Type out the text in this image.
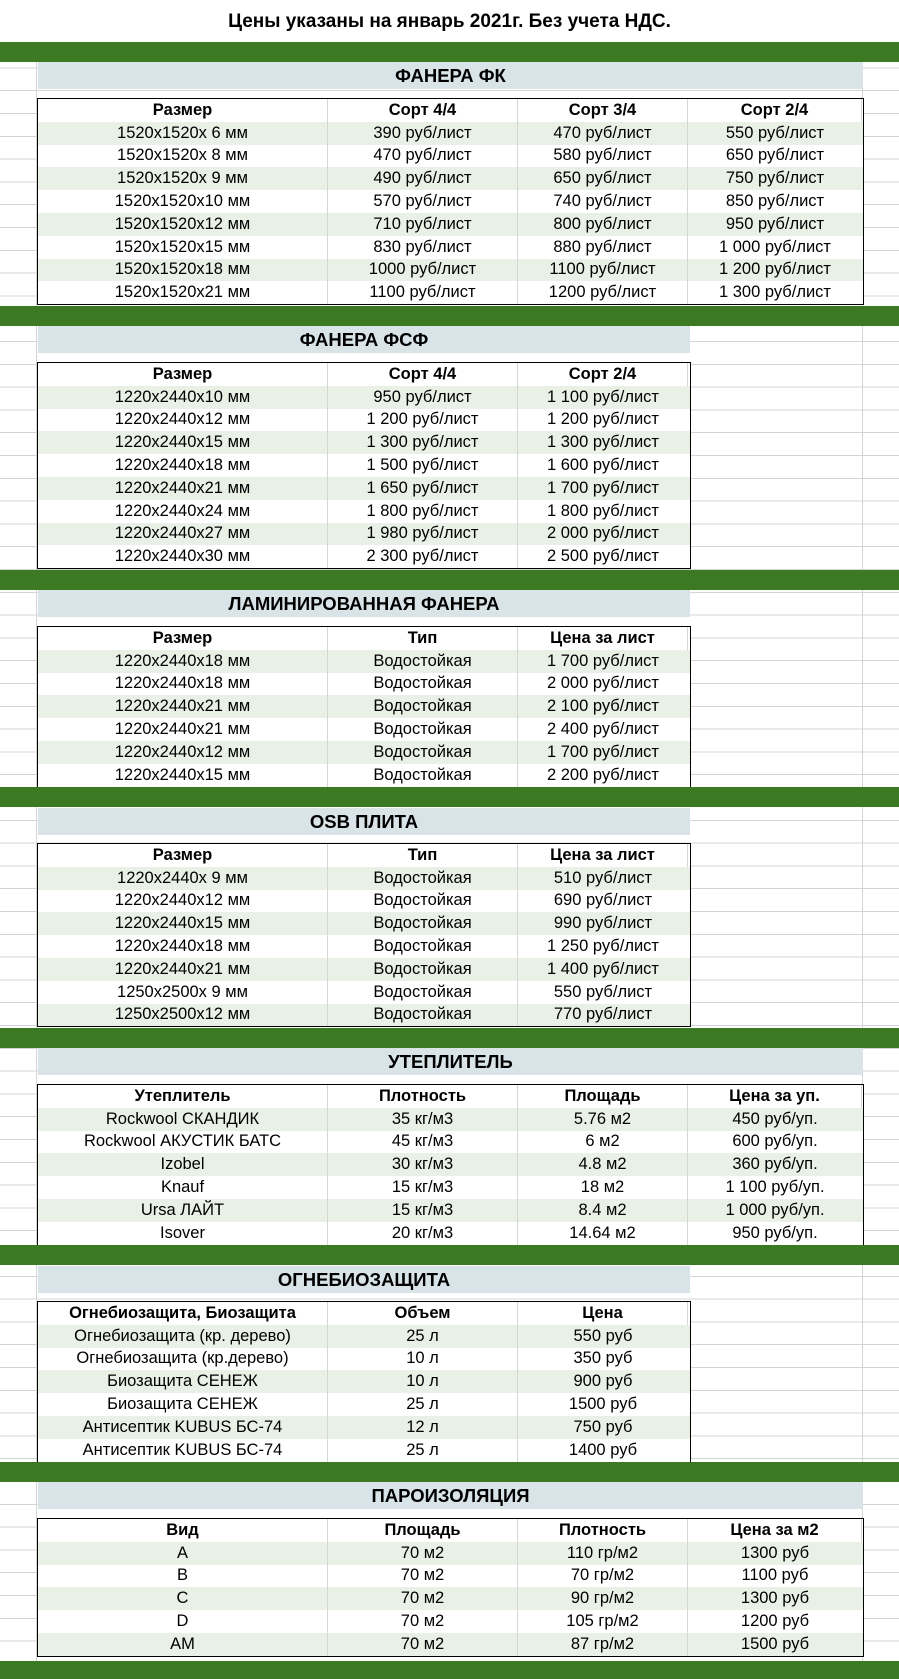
Цены указаны на январь 2021г. Без учета НДС.
ФАНЕРА ФК
Размер	Сорт 4/4	Сорт 3/4	Сорт 2/4
1520x1520x 6 мм	390 руб/лист	470 руб/лист	550 руб/лист
1520x1520x 8 мм	470 руб/лист	580 руб/лист	650 руб/лист
1520x1520x 9 мм	490 руб/лист	650 руб/лист	750 руб/лист
1520x1520x10 мм	570 руб/лист	740 руб/лист	850 руб/лист
1520x1520x12 мм	710 руб/лист	800 руб/лист	950 руб/лист
1520x1520x15 мм	830 руб/лист	880 руб/лист	1 000 руб/лист
1520x1520x18 мм	1000 руб/лист	1100 руб/лист	1 200 руб/лист
1520x1520x21 мм	1100 руб/лист	1200 руб/лист	1 300 руб/лист
ФАНЕРА ФСФ
Размер	Сорт 4/4	Сорт 2/4
1220x2440x10 мм	950 руб/лист	1 100 руб/лист
1220x2440x12 мм	1 200 руб/лист	1 200 руб/лист
1220x2440x15 мм	1 300 руб/лист	1 300 руб/лист
1220x2440x18 мм	1 500 руб/лист	1 600 руб/лист
1220x2440x21 мм	1 650 руб/лист	1 700 руб/лист
1220x2440x24 мм	1 800 руб/лист	1 800 руб/лист
1220x2440x27 мм	1 980 руб/лист	2 000 руб/лист
1220x2440x30 мм	2 300 руб/лист	2 500 руб/лист
ЛАМИНИРОВАННАЯ ФАНЕРА
Размер	Тип	Цена за лист
1220x2440x18 мм	Водостойкая	1 700 руб/лист
1220x2440x18 мм	Водостойкая	2 000 руб/лист
1220x2440x21 мм	Водостойкая	2 100 руб/лист
1220x2440x21 мм	Водостойкая	2 400 руб/лист
1220x2440x12 мм	Водостойкая	1 700 руб/лист
1220x2440x15 мм	Водостойкая	2 200 руб/лист
OSB ПЛИТА
Размер	Тип	Цена за лист
1220x2440x 9 мм	Водостойкая	510 руб/лист
1220x2440x12 мм	Водостойкая	690 руб/лист
1220x2440x15 мм	Водостойкая	990 руб/лист
1220x2440x18 мм	Водостойкая	1 250 руб/лист
1220x2440x21 мм	Водостойкая	1 400 руб/лист
1250x2500x 9 мм	Водостойкая	550 руб/лист
1250x2500x12 мм	Водостойкая	770 руб/лист
УТЕПЛИТЕЛЬ
Утеплитель	Плотность	Площадь	Цена за уп.
Rockwool СКАНДИК	35 кг/м3	5.76 м2	450 руб/уп.
Rockwool АКУСТИК БАТС	45 кг/м3	6 м2	600 руб/уп.
Izobel	30 кг/м3	4.8 м2	360 руб/уп.
Knauf	15 кг/м3	18 м2	1 100 руб/уп.
Ursa ЛАЙТ	15 кг/м3	8.4 м2	1 000 руб/уп.
Isover	20 кг/м3	14.64 м2	950 руб/уп.
ОГНЕБИОЗАЩИТА
Огнебиозащита, Биозащита	Объем	Цена
Огнебиозащита (кр. дерево)	25 л	550 руб
Огнебиозащита (кр.дерево)	10 л	350 руб
Биозащита СЕНЕЖ	10 л	900 руб
Биозащита СЕНЕЖ	25 л	1500 руб
Антисептик KUBUS БС-74	12 л	750 руб
Антисептик KUBUS БС-74	25 л	1400 руб
ПАРОИЗОЛЯЦИЯ
Вид	Площадь	Плотность	Цена за м2
A	70 м2	110 гр/м2	1300 руб
B	70 м2	70 гр/м2	1100 руб
C	70 м2	90 гр/м2	1300 руб
D	70 м2	105 гр/м2	1200 руб
AM	70 м2	87 гр/м2	1500 руб
